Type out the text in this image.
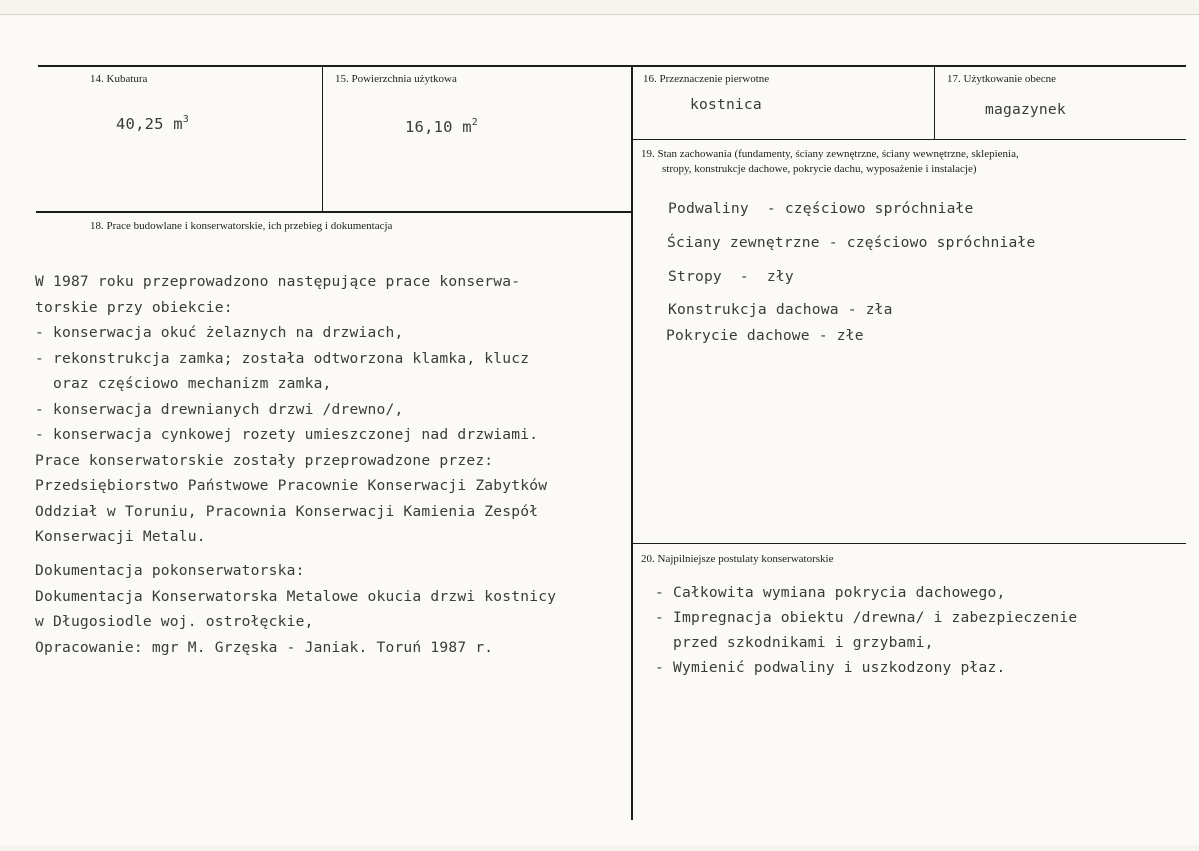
14. Kubatura
40,25 $m^3$
15. Powierzchnia użytkowa
16,10 $m^2$
16. Przeznaczenie pierwotne
kostnica
17. Użytkowanie obecne
magazynek
19. Stan zachowania (fundamenty, ściany zewnętrzne, ściany wewnętrzne, sklepienia,
stropy, konstrukcje dachowe, pokrycie dachu, wyposażenie i instalacje)
Podwaliny  - częściowo spróchniałe
Ściany zewnętrzne - częściowo spróchniałe
Stropy  -  zły
Konstrukcja dachowa - zła
Pokrycie dachowe - złe
18. Prace budowlane i konserwatorskie, ich przebieg i dokumentacja
W 1987 roku przeprowadzono następujące prace konserwa-
torskie przy obiekcie:
- konserwacja okuć żelaznych na drzwiach,
- rekonstrukcja zamka; została odtworzona klamka, klucz
oraz częściowo mechanizm zamka,
- konserwacja drewnianych drzwi /drewno/,
- konserwacja cynkowej rozety umieszczonej nad drzwiami.
Prace konserwatorskie zostały przeprowadzone przez:
Przedsiębiorstwo Państwowe Pracownie Konserwacji Zabytków
Oddział w Toruniu, Pracownia Konserwacji Kamienia Zespół
Konserwacji Metalu.
Dokumentacja pokonserwatorska:
Dokumentacja Konserwatorska Metalowe okucia drzwi kostnicy
w Długosiodle woj. ostrołęckie,
Opracowanie: mgr M. Grzęska - Janiak. Toruń 1987 r.
20. Najpilniejsze postulaty konserwatorskie
- Całkowita wymiana pokrycia dachowego,
- Impregnacja obiektu /drewna/ i zabezpieczenie
przed szkodnikami i grzybami,
- Wymienić podwaliny i uszkodzony płaz.
